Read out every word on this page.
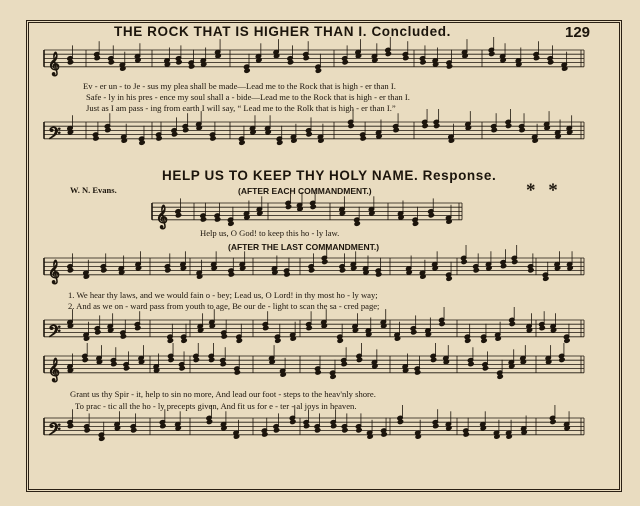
𝄞
𝄢
𝄞
𝄞
𝄢
𝄞
𝄢
THE ROCK THAT IS HIGHER THAN I. Concluded.	129
Ev - er un - to Je - sus my plea shall be made—Lead me to the Rock that is high - er than I.
Safe - ly in his pres - ence my soul shall a - bide—Lead me to the Rock that is high - er than I.
Just as I am pass - ing from earth I will say, “ Lead me to the Rolk that is high - er than I.”
HELP US TO KEEP THY HOLY NAME. Response.
W. N. Evans.	* *
(AFTER EACH COMMANDMENT.)
Help us, O God! to keep this ho - ly law.
(AFTER THE LAST COMMANDMENT.)
1. We hear thy laws, and we would fain o - bey; Lead us, O Lord! in thy most ho - ly way;
2. And as we on - ward pass from youth to age, Be our de - light to scan the sa - cred page;
Grant us thy Spir - it, help to sin no more, And lead our foot - steps to the heav'nly shore.
To prac - tic all the ho - ly precepts given, And fit us for e - ter - al joys in heaven.
